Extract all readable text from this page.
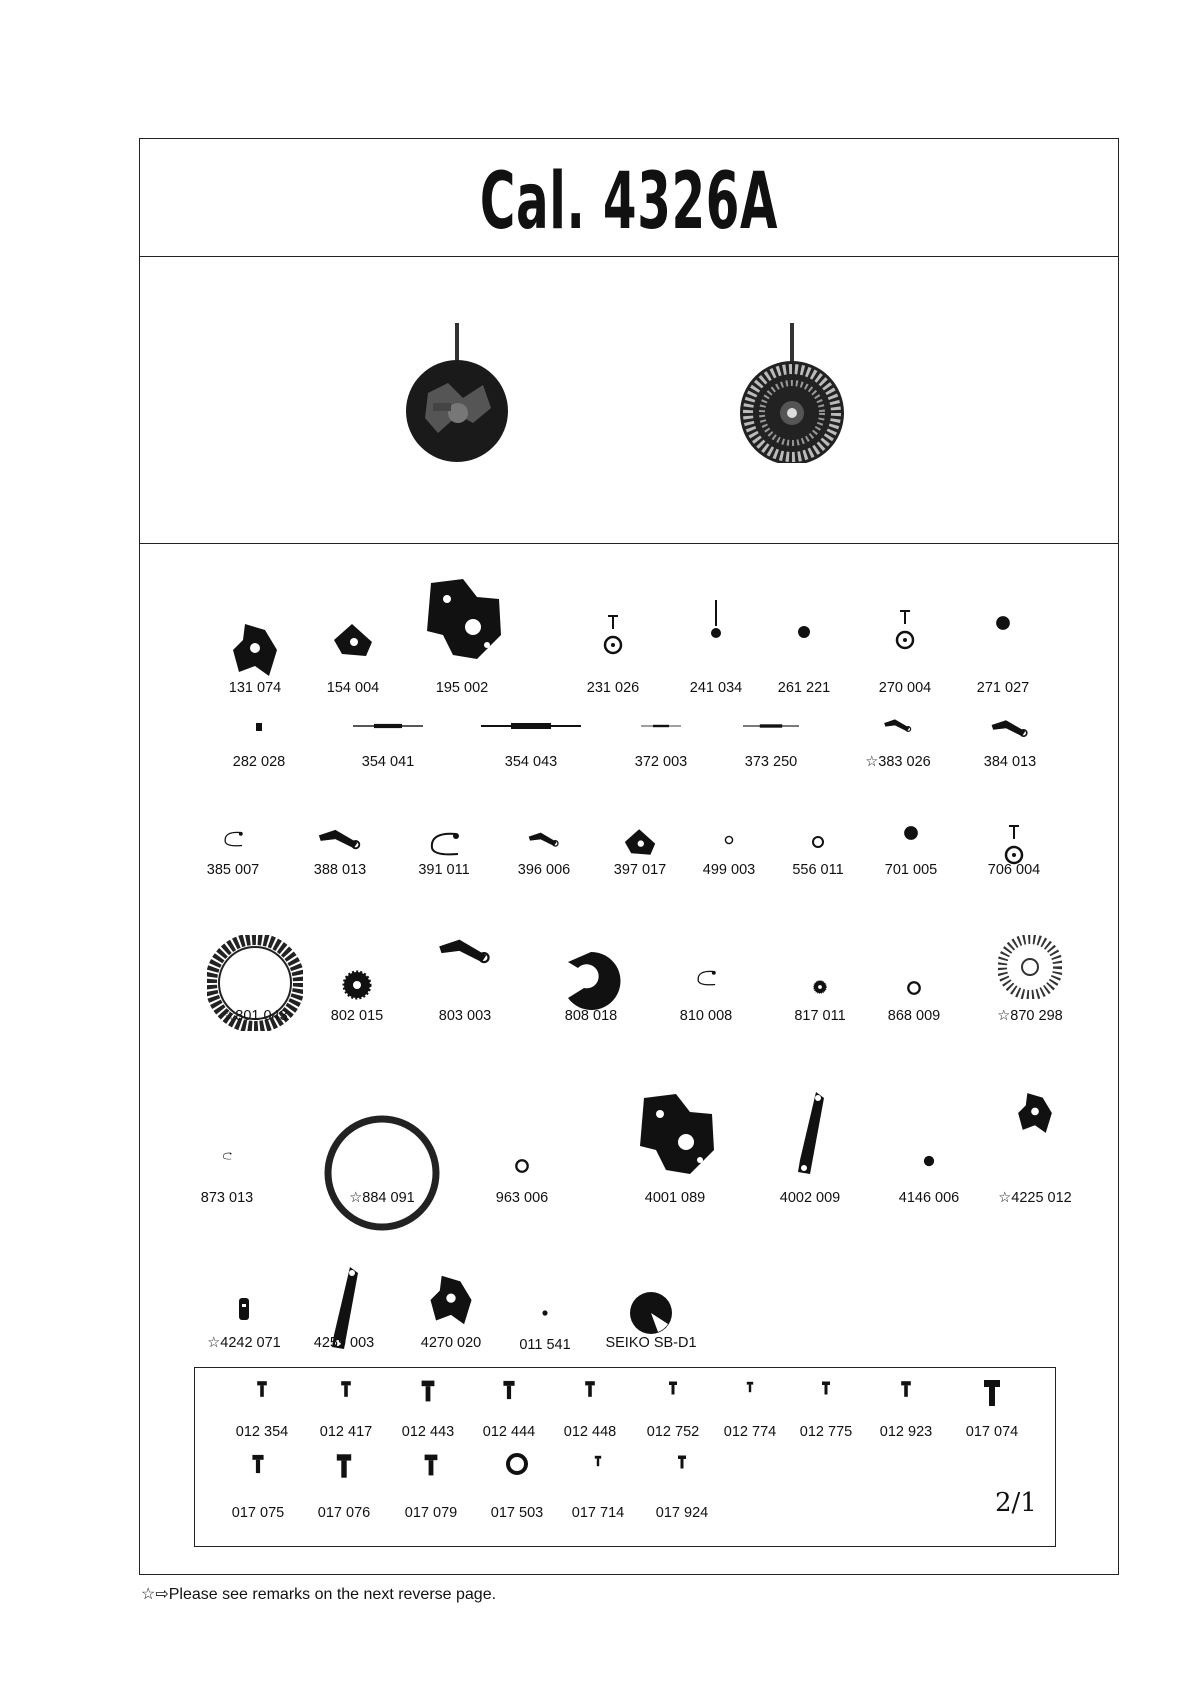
Cal. 4326A
131 074	154 004	195 002	231 026	241 034	261 221	270 004	271 027
282 028	354 041	354 043	372 003	373 250	☆383 026	384 013
385 007	388 013	391 011	396 006	397 017	499 003	556 011	701 005	706 004
☆801 043	802 015	803 003	808 018	810 008	817 011	868 009	☆870 298
873 013	☆884 091	963 006	4001 089	4002 009	4146 006	☆4225 012
☆4242 071	4259 003	4270 020	011 541	SEIKO SB-D1
2/1
012 354	012 417	012 443	012 444	012 448	012 752	012 774	012 775	012 923	017 074
017 075	017 076	017 079	017 503	017 714	017 924
☆⇨Please see remarks on the next reverse page.
